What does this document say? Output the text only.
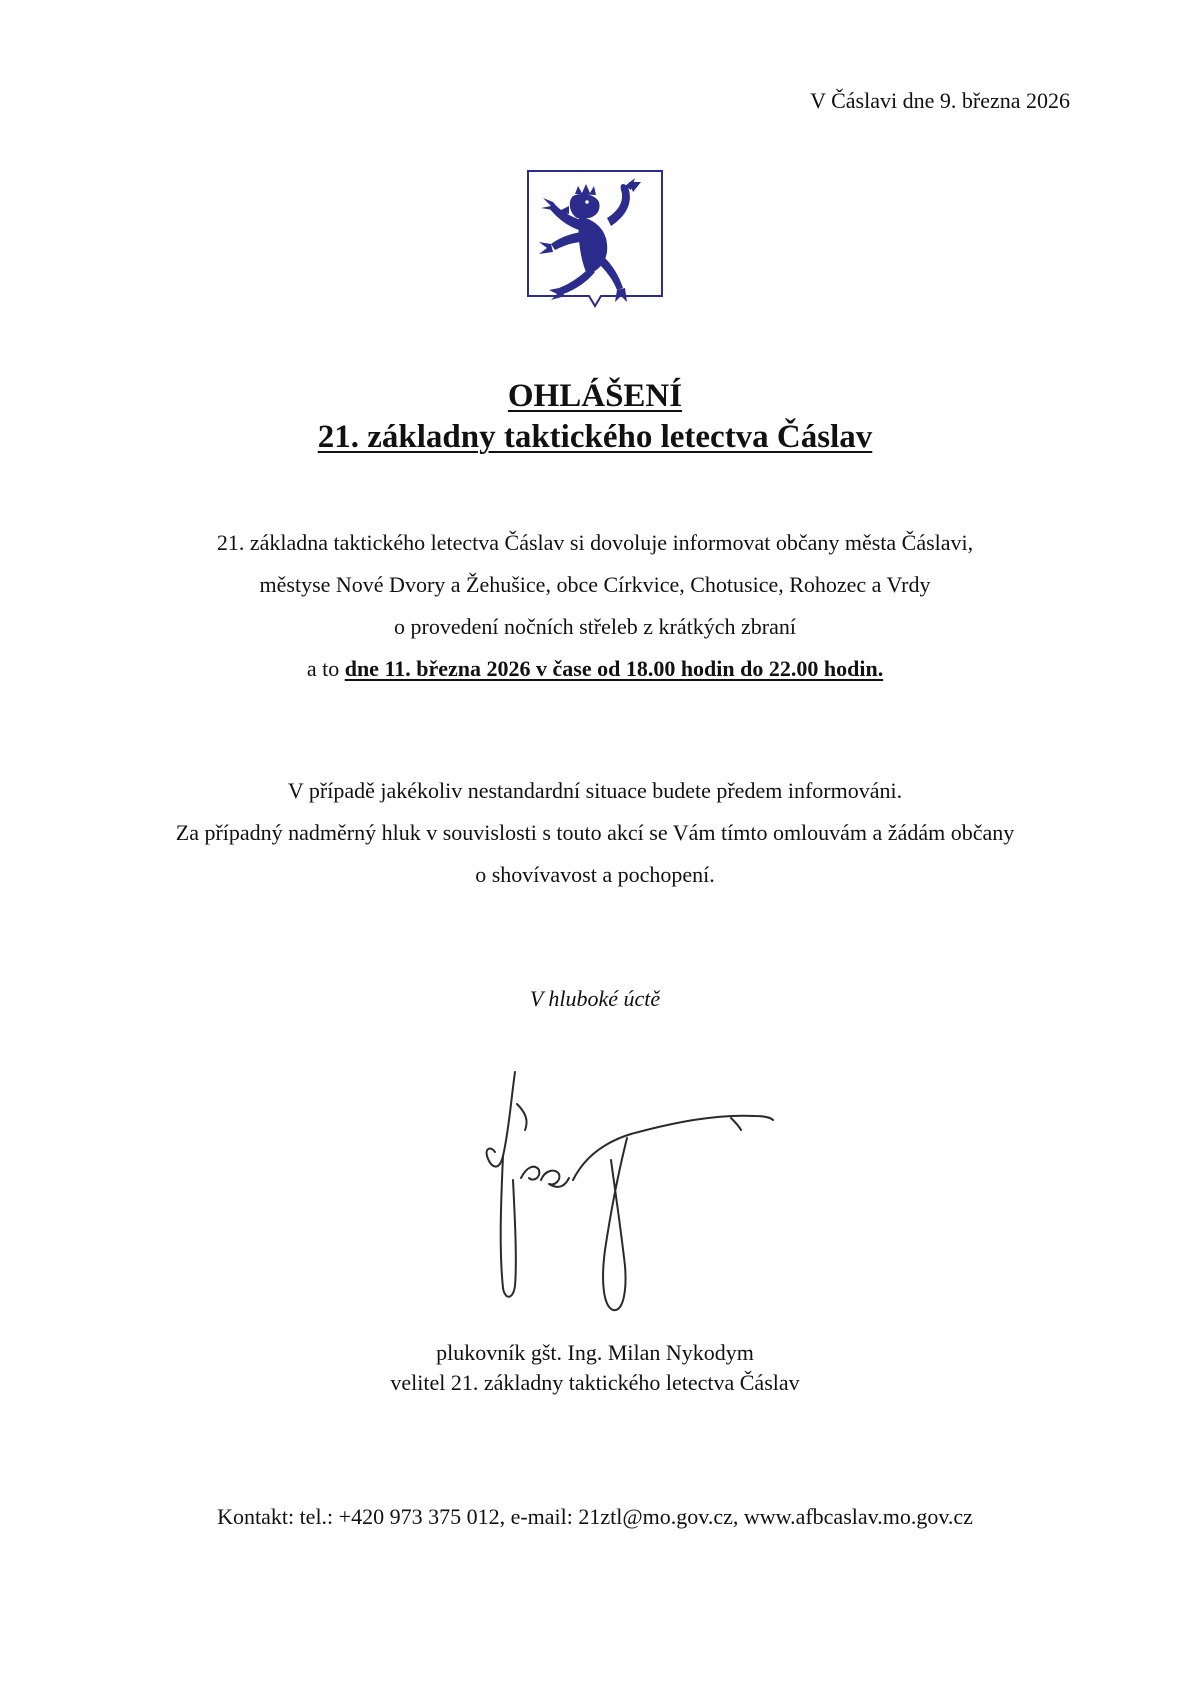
V Čáslavi dne 9. března 2026
OHLÁŠENÍ
21. základny taktického letectva Čáslav
21. základna taktického letectva Čáslav si dovoluje informovat občany města Čáslavi,
městyse Nové Dvory a Žehušice, obce Církvice, Chotusice, Rohozec a Vrdy
o provedení nočních střeleb z krátkých zbraní
a to dne 11. března 2026 v čase od 18.00 hodin do 22.00 hodin.
V případě jakékoliv nestandardní situace budete předem informováni.
Za případný nadměrný hluk v souvislosti s touto akcí se Vám tímto omlouvám a žádám občany
o shovívavost a pochopení.
V hluboké úctě
plukovník gšt. Ing. Milan Nykodym
velitel 21. základny taktického letectva Čáslav
Kontakt: tel.: +420 973 375 012, e-mail: 21ztl@mo.gov.cz, www.afbcaslav.mo.gov.cz
